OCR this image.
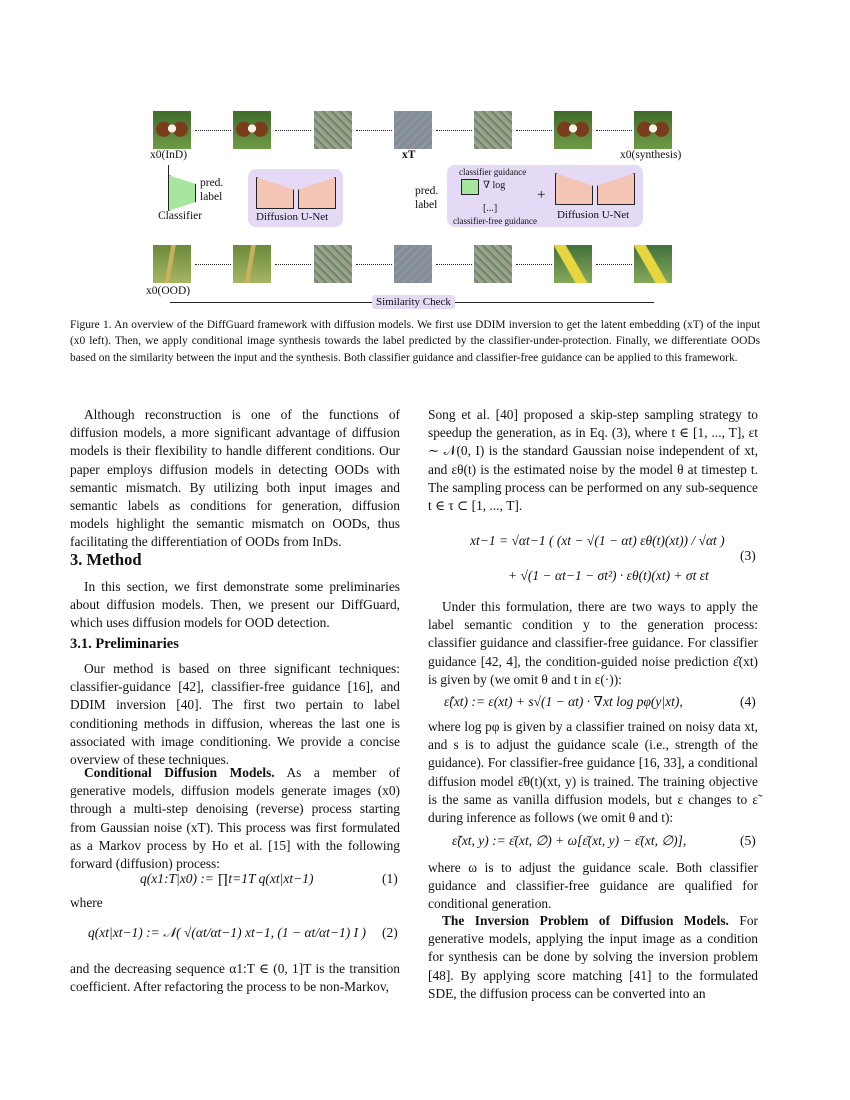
x0(InD)	xT	x0(synthesis)
pred.
label
Classifier	Diffusion U-Net
pred.
label
classifier guidance
∇ log
[...]
classifier-free guidance
+
Diffusion U-Net
x0(OOD)
Similarity Check

Figure 1. An overview of the DiffGuard framework with diffusion models. We first use DDIM inversion to get the latent embedding (xT) of the input (x0 left). Then, we apply conditional image synthesis towards the label predicted by the classifier-under-protection. Finally, we differentiate OODs based on the similarity between the input and the synthesis. Both classifier guidance and classifier-free guidance can be applied to this framework.

Although reconstruction is one of the functions of diffusion models, a more significant advantage of diffusion models is their flexibility to handle different conditions. Our paper employs diffusion models in detecting OODs with semantic mismatch. By utilizing both input images and semantic labels as conditions for generation, diffusion models highlight the semantic mismatch on OODs, thus facilitating the differentiation of OODs from InDs.

3. Method

In this section, we first demonstrate some preliminaries about diffusion models. Then, we present our DiffGuard, which uses diffusion models for OOD detection.

3.1. Preliminaries

Our method is based on three significant techniques: classifier-guidance [42], classifier-free guidance [16], and DDIM inversion [40]. The first two pertain to label conditioning methods in diffusion, whereas the last one is associated with image conditioning. We provide a concise overview of these techniques.

Conditional Diffusion Models. As a member of generative models, diffusion models generate images (x0) through a multi-step denoising (reverse) process starting from Gaussian noise (xT). This process was first formulated as a Markov process by Ho et al. [15] with the following forward (diffusion) process:

q(x1:T|x0) := ∏t=1T q(xt|xt−1)	(1)
where
q(xt|xt−1) := 𝒩( √(αt/αt−1) xt−1, (1 − αt/αt−1) I ) (2)

and the decreasing sequence α1:T ∈ (0, 1]T is the transition coefficient. After refactoring the process to be non-Markov,

Song et al. [40] proposed a skip-step sampling strategy to speedup the generation, as in Eq. (3), where t ∈ [1, ..., T], εt ∼ 𝒩(0, I) is the standard Gaussian noise independent of xt, and εθ(t) is the estimated noise by the model θ at timestep t. The sampling process can be performed on any sub-sequence t ∈ τ ⊂ [1, ..., T].

xt−1 = √αt−1 ( (xt − √(1 − αt) εθ(t)(xt)) / √αt )
+ √(1 − αt−1 − σt²) · εθ(t)(xt) + σt εt
(3)

Under this formulation, there are two ways to apply the label semantic condition y to the generation process: classifier guidance and classifier-free guidance. For classifier guidance [42, 4], the condition-guided noise prediction ε̂(xt) is given by (we omit θ and t in ε(·)):

ε̂(xt) := ε(xt) + s√(1 − αt) · ∇xt log pφ(y|xt),	(4)

where log pφ is given by a classifier trained on noisy data xt, and s is to adjust the guidance scale (i.e., strength of the guidance). For classifier-free guidance [16, 33], a conditional diffusion model ε̄θ(t)(xt, y) is trained. The training objective is the same as vanilla diffusion models, but ε changes to ε̃ during inference as follows (we omit θ and t):

ε̃(xt, y) := ε̄(xt, ∅) + ω[ε̄(xt, y) − ε̄(xt, ∅)],	(5)

where ω is to adjust the guidance scale. Both classifier guidance and classifier-free guidance are qualified for conditional generation.

The Inversion Problem of Diffusion Models. For generative models, applying the input image as a condition for synthesis can be done by solving the inversion problem [48]. By applying score matching [41] to the formulated SDE, the diffusion process can be converted into an
